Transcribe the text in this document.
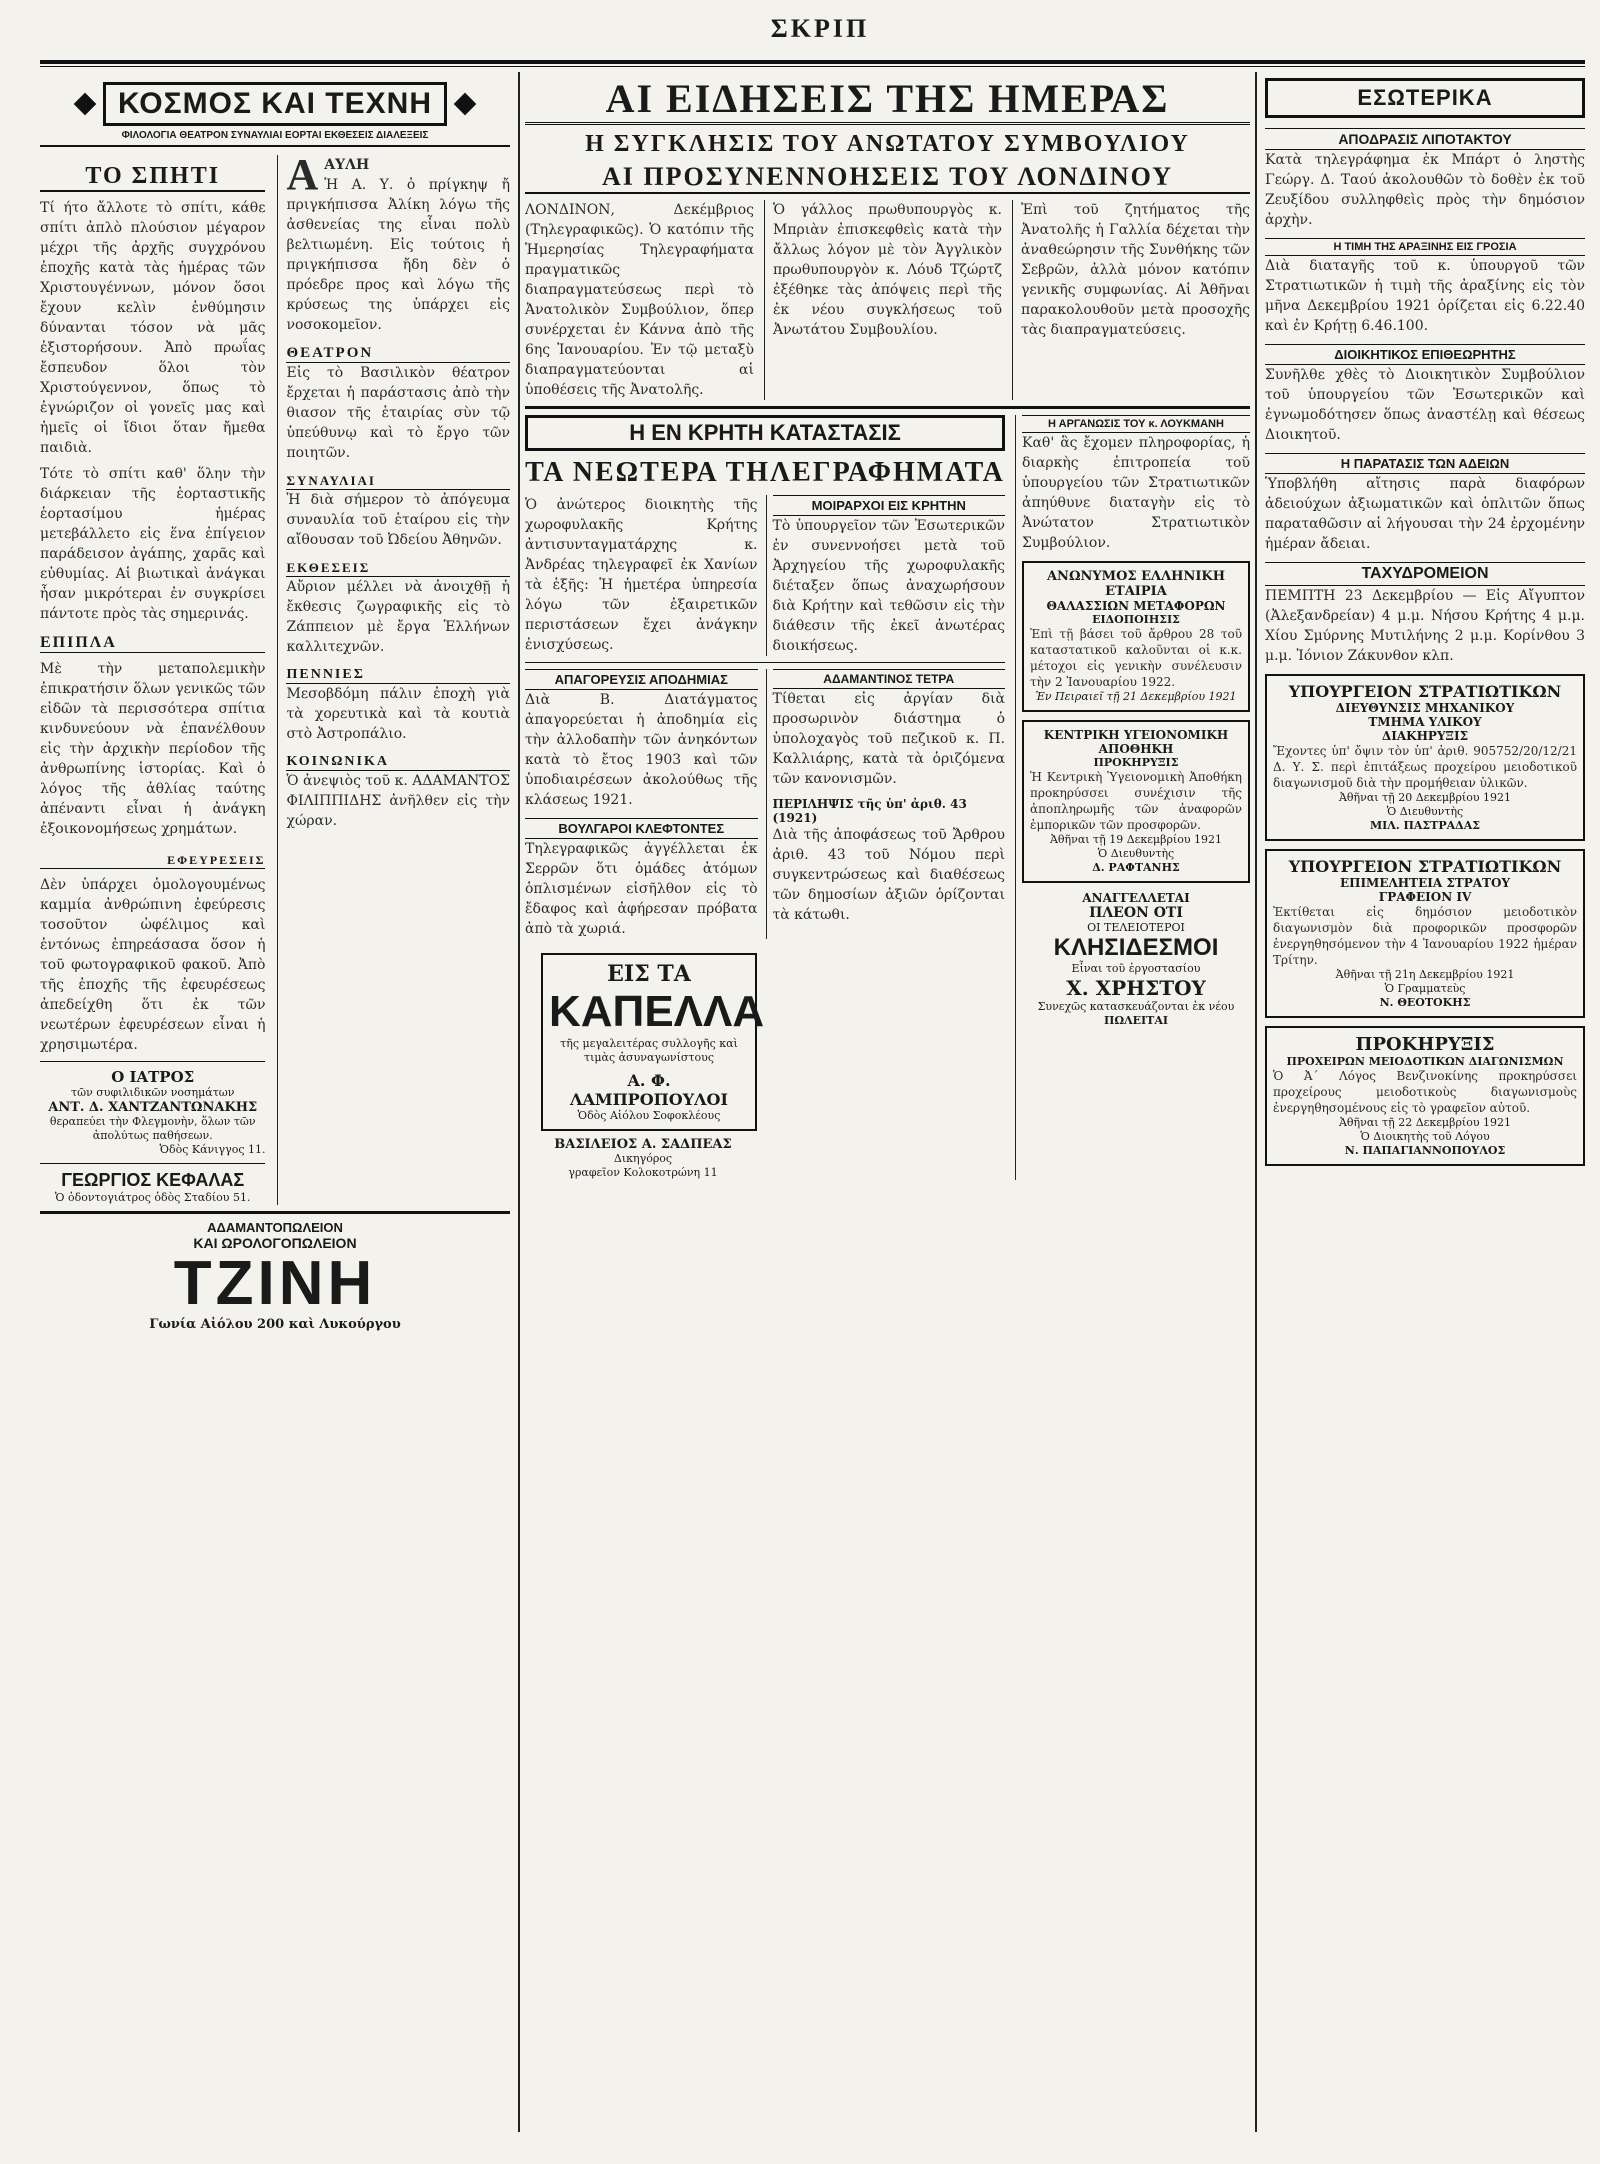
ΣΚΡΙΠ
ΚΟΣΜΟΣ ΚΑΙ ΤΕΧΝΗ
ΦΙΛΟΛΟΓΙΑ ΘΕΑΤΡΟΝ ΣΥΝΑΥΛΙΑΙ ΕΟΡΤΑΙ ΕΚΘΕΣΕΙΣ ΔΙΑΛΕΞΕΙΣ
ΤΟ ΣΠΗΤΙ
Τί ήτο ἄλλοτε τὸ σπίτι, κάθε σπίτι ἀπλὸ πλούσιον μέγαρον μέχρι τῆς ἀρχῆς συγχρόνου ἐποχῆς κατὰ τὰς ἡμέρας τῶν Χριστουγέννων, μόνον ὅσοι ἔχουν κελὶν ἐνθύμησιν δύνανται τόσον νὰ μᾶς ἐξιστορήσουν. Ἀπὸ πρωΐας ἔσπευδον ὅλοι τὸν Χριστούγεννον, ὅπως τὸ ἐγνώριζον οἱ γονεῖς μας καὶ ἡμεῖς οἱ ἴδιοι ὅταν ἤμεθα παιδιὰ.
Τότε τὸ σπίτι καθ' ὅλην τὴν διάρκειαν τῆς ἑορταστικῆς ἑορτασίμου ἡμέρας μετεβάλλετο εἰς ἕνα ἐπίγειον παράδεισον ἀγάπης, χαρᾶς καὶ εὐθυμίας. Αἱ βιωτικαὶ ἀνάγκαι ἦσαν μικρότεραι ἐν συγκρίσει πάντοτε πρὸς τὰς σημερινάς.
ΕΠΙΠΛΑ
Μὲ τὴν μεταπολεμικὴν ἐπικρατήσιν ὅλων γενικῶς τῶν εἰδῶν τὰ περισσότερα σπίτια κινδυνεύουν νὰ ἐπανέλθουν εἰς τὴν ἀρχικὴν περίοδον τῆς ἀνθρωπίνης ἱστορίας. Καὶ ὁ λόγος τῆς ἀθλίας ταύτης ἀπέναντι εἶναι ἡ ἀνάγκη ἐξοικονομήσεως χρημάτων.
ΕΦΕΥΡΕΣΕΙΣ
Δὲν ὑπάρχει ὁμολογουμένως καμμία ἀνθρώπινη ἐφεύρεσις τοσοῦτον ὠφέλιμος καὶ ἐντόνως ἐπηρεάσασα ὅσον ἡ τοῦ φωτογραφικοῦ φακοῦ. Ἀπὸ τῆς ἐποχῆς τῆς ἐφευρέσεως ἀπεδείχθη ὅτι ἐκ τῶν νεωτέρων ἐφευρέσεων εἶναι ἡ χρησιμωτέρα.
Ο ΙΑΤΡΟΣ
τῶν συφιλιδικῶν νοσημάτων
ΑΝΤ. Δ. ΧΑΝΤΖΑΝΤΩΝΑΚΗΣ
θεραπεύει τὴν Φλεγμονὴν, ὅλων τῶν ἀπολύτως παθήσεων.
Ὁδὸς Κάνιγγος 11.
ΓΕΩΡΓΙΟΣ ΚΕΦΑΛΑΣ
Ὁ ὀδοντογιάτρος ὁδὸς Σταδίου 51.
Α ΑΥΛΗ
Ἡ Α. Υ. ὁ πρίγκηψ ἤ πριγκήπισσα Ἀλίκη λόγω τῆς ἀσθενείας της εἶναι πολὺ βελτιωμένη. Εἰς τούτοις ἡ πριγκήπισσα ἤδη δὲν ὁ πρόεδρε προς καὶ λόγω τῆς κρύσεως της ὑπάρχει εἰς νοσοκομεῖον.
ΘΕΑΤΡΟΝ
Εἰς τὸ Βασιλικὸν θέατρον ἔρχεται ἡ παράστασις ἀπὸ τὴν θιασον τῆς ἑταιρίας σὺν τῷ ὑπεύθυνῳ καὶ τὸ ἔργο τῶν ποιητῶν.
ΣΥΝΑΥΛΙΑΙ
Ἡ διὰ σήμερον τὸ ἀπόγευμα συναυλία τοῦ ἑταίρου εἰς τὴν αἴθουσαν τοῦ Ὠδείου Ἀθηνῶν.
ΕΚΘΕΣΕΙΣ
Αὔριον μέλλει νὰ ἀνοιχθῇ ἡ ἔκθεσις ζωγραφικῆς εἰς τὸ Ζάππειον μὲ ἔργα Ἑλλήνων καλλιτεχνῶν.
ΠΕΝΝΙΕΣ
Μεσοβδόμη πάλιν ἐποχὴ γιὰ τὰ χορευτικὰ καὶ τὰ κουτιὰ στὸ Ἀστροπάλιο.
ΚΟΙΝΩΝΙΚΑ
Ὁ ἀνεψιὸς τοῦ κ. ΑΔΑΜΑΝΤΟΣ ΦΙΛΙΠΠΙΔΗΣ ἀνῆλθεν εἰς τὴν χώραν.
ΑΔΑΜΑΝΤΟΠΩΛΕΙΟΝ
ΚΑΙ ΩΡΟΛΟΓΟΠΩΛΕΙΟΝ
ΤΖΙΝΗ
Γωνία Αἰόλου 200 καὶ Λυκούργου
ΑΙ ΕΙΔΗΣΕΙΣ ΤΗΣ ΗΜΕΡΑΣ
Η ΣΥΓΚΛΗΣΙΣ ΤΟΥ ΑΝΩΤΑΤΟΥ ΣΥΜΒΟΥΛΙΟΥ
ΑΙ ΠΡΟΣΥΝΕΝΝΟΗΣΕΙΣ ΤΟΥ ΛΟΝΔΙΝΟΥ
ΛΟΝΔΙΝΟΝ, Δεκέμβριος (Τηλεγραφικῶς). Ὁ κατόπιν τῆς Ἡμερησίας Τηλεγραφήματα πραγματικῶς διαπραγματεύσεως περὶ τὸ Ἀνατολικὸν Συμβούλιον, ὅπερ συνέρχεται ἐν Κάννα ἀπὸ τῆς 6ης Ἰανουαρίου. Ἐν τῷ μεταξὺ διαπραγματεύονται αἱ ὑποθέσεις τῆς Ἀνατολῆς.
Ὁ γάλλος πρωθυπουργὸς κ. Μπριὰν ἐπισκεφθεὶς κατὰ τὴν ἄλλως λόγον μὲ τὸν Ἀγγλικὸν πρωθυπουργὸν κ. Λόυδ Τζώρτζ ἐξέθηκε τὰς ἀπόψεις περὶ τῆς ἐκ νέου συγκλήσεως τοῦ Ἀνωτάτου Συμβουλίου.
Ἐπὶ τοῦ ζητήματος τῆς Ἀνατολῆς ἡ Γαλλία δέχεται τὴν ἀναθεώρησιν τῆς Συνθήκης τῶν Σεβρῶν, ἀλλὰ μόνον κατόπιν γενικῆς συμφωνίας. Αἱ Ἀθῆναι παρακολουθοῦν μετὰ προσοχῆς τὰς διαπραγματεύσεις.
Η ΕΝ ΚΡΗΤΗ ΚΑΤΑΣΤΑΣΙΣ
ΤΑ ΝΕΩΤΕΡΑ ΤΗΛΕΓΡΑΦΗΜΑΤΑ
Ὁ ἀνώτερος διοικητὴς τῆς χωροφυλακῆς Κρήτης ἀντισυνταγματάρχης κ. Ἀνδρέας τηλεγραφεῖ ἐκ Χανίων τὰ ἑξῆς: Ἡ ἡμετέρα ὑπηρεσία λόγω τῶν ἐξαιρετικῶν περιστάσεων ἔχει ἀνάγκην ἐνισχύσεως.
ΜΟΙΡΑΡΧΟΙ ΕΙΣ ΚΡΗΤΗΝ
Τὸ ὑπουργεῖον τῶν Ἐσωτερικῶν ἐν συνεννοήσει μετὰ τοῦ Ἀρχηγείου τῆς χωροφυλακῆς διέταξεν ὅπως ἀναχωρήσουν διὰ Κρήτην καὶ τεθῶσιν εἰς τὴν διάθεσιν τῆς ἐκεῖ ἀνωτέρας διοικήσεως.
ΑΠΑΓΟΡΕΥΣΙΣ ΑΠΟΔΗΜΙΑΣ
Διὰ Β. Διατάγματος ἀπαγορεύεται ἡ ἀποδημία εἰς τὴν ἀλλοδαπὴν τῶν ἀνηκόντων κατὰ τὸ ἔτος 1903 καὶ τῶν ὑποδιαιρέσεων ἀκολούθως τῆς κλάσεως 1921.
ΒΟΥΛΓΑΡΟΙ ΚΛΕΦΤΟΝΤΕΣ
Τηλεγραφικῶς ἀγγέλλεται ἐκ Σερρῶν ὅτι ὁμάδες ἀτόμων ὁπλισμένων εἰσῆλθον εἰς τὸ ἔδαφος καὶ ἀφήρεσαν πρόβατα ἀπὸ τὰ χωριά.
ΑΔΑΜΑΝΤΙΝΟΣ ΤΕΤΡΑ
Τίθεται εἰς ἀργίαν διὰ προσωρινὸν διάστημα ὁ ὑπολοχαγὸς τοῦ πεζικοῦ κ. Π. Καλλιάρης, κατὰ τὰ ὁριζόμενα τῶν κανονισμῶν.
ΠΕΡΙΛΗΨΙΣ τῆς ὑπ' ἀριθ. 43 (1921)
Διὰ τῆς ἀποφάσεως τοῦ Ἄρθρου ἀριθ. 43 τοῦ Νόμου περὶ συγκεντρώσεως καὶ διαθέσεως τῶν δημοσίων ἀξιῶν ὁρίζονται τὰ κάτωθι.
ΕΙΣ ΤΑ
ΚΑΠΕΛΛΑ
τῆς μεγαλειτέρας συλλογῆς καὶ τιμὰς ἀσυναγωνίστους
Α. Φ. ΛΑΜΠΡΟΠΟΥΛΟΙ
Ὁδὸς Αἰόλου Σοφοκλέους
ΒΑΣΙΛΕΙΟΣ Α. ΣΑΔΠΕΑΣ
Δικηγόρος
γραφεῖον Κολοκοτρώνη 11
Η ΑΡΓΑΝΩΣΙΣ ΤΟΥ κ. ΛΟΥΚΜΑΝΗ
Καθ' ἃς ἔχομεν πληροφορίας, ἡ διαρκὴς ἐπιτροπεία τοῦ ὑπουργείου τῶν Στρατιωτικῶν ἀπηύθυνε διαταγὴν εἰς τὸ Ἀνώτατον Στρατιωτικὸν Συμβούλιον.
ΑΝΩΝΥΜΟΣ ΕΛΛΗΝΙΚΗ ΕΤΑΙΡΙΑ
ΘΑΛΑΣΣΙΩΝ ΜΕΤΑΦΟΡΩΝ
ΕΙΔΟΠΟΙΗΣΙΣ
Ἐπὶ τῇ βάσει τοῦ ἄρθρου 28 τοῦ καταστατικοῦ καλοῦνται οἱ κ.κ. μέτοχοι εἰς γενικὴν συνέλευσιν τὴν 2 Ἰανουαρίου 1922.
Ἐν Πειραιεῖ τῇ 21 Δεκεμβρίου 1921
ΚΕΝΤΡΙΚΗ ΥΓΕΙΟΝΟΜΙΚΗ ΑΠΟΘΗΚΗ
ΠΡΟΚΗΡΥΞΙΣ
Ἡ Κεντρικὴ Ὑγειονομικὴ Ἀποθήκη προκηρύσσει συνέχισιν τῆς ἀποπληρωμῆς τῶν ἀναφορῶν ἐμπορικῶν τῶν προσφορῶν.
Ἀθῆναι τῇ 19 Δεκεμβρίου 1921
Ὁ Διευθυντὴς
Δ. ΡΑΦΤΑΝΗΣ
ΑΝΑΓΓΕΛΛΕΤΑΙ
ΠΛΕΟΝ ΟΤΙ
ΟΙ ΤΕΛΕΙΟΤΕΡΟΙ
ΚΛΗΣΙΔΕΣΜΟΙ
Εἶναι τοῦ ἐργοστασίου
Χ. ΧΡΗΣΤΟΥ
Συνεχῶς κατασκευάζονται ἐκ νέου
ΠΩΛΕΙΤΑΙ
ΕΣΩΤΕΡΙΚΑ
ΑΠΟΔΡΑΣΙΣ ΛΙΠΟΤΑΚΤΟΥ
Κατὰ τηλεγράφημα ἐκ Μπάρτ ὁ ληστὴς Γεώργ. Δ. Ταού ἀκολουθῶν τὸ δοθὲν ἐκ τοῦ Ζευξίδου συλληφθεὶς πρὸς τὴν δημόσιον ἀρχὴν.
Η ΤΙΜΗ ΤΗΣ ΑΡΑΞΙΝΗΣ ΕΙΣ ΓΡΟΣΙΑ
Διὰ διαταγῆς τοῦ κ. ὑπουργοῦ τῶν Στρατιωτικῶν ἡ τιμὴ τῆς ἀραξίνης εἰς τὸν μῆνα Δεκεμβρίου 1921 ὁρίζεται εἰς 6.22.40 καὶ ἐν Κρήτῃ 6.46.100.
ΔΙΟΙΚΗΤΙΚΟΣ ΕΠΙΘΕΩΡΗΤΗΣ
Συνῆλθε χθὲς τὸ Διοικητικὸν Συμβούλιον τοῦ ὑπουργείου τῶν Ἐσωτερικῶν καὶ ἐγνωμοδότησεν ὅπως ἀναστέλῃ καὶ θέσεως Διοικητοῦ.
Η ΠΑΡΑΤΑΣΙΣ ΤΩΝ ΑΔΕΙΩΝ
Ὑποβλήθη αἴτησις παρὰ διαφόρων ἀδειούχων ἀξιωματικῶν καὶ ὁπλιτῶν ὅπως παραταθῶσιν αἱ λήγουσαι τὴν 24 ἐρχομένην ἡμέραν ἄδειαι.
ΤΑΧΥΔΡΟΜΕΙΟΝ
ΠΕΜΠΤΗ 23 Δεκεμβρίου — Εἰς Αἴγυπτον (Ἀλεξανδρείαν) 4 μ.μ. Νήσου Κρήτης 4 μ.μ. Χίου Σμύρνης Μυτιλήνης 2 μ.μ. Κορίνθου 3 μ.μ. Ἰόνιον Ζάκυνθον κλπ.
ΥΠΟΥΡΓΕΙΟΝ ΣΤΡΑΤΙΩΤΙΚΩΝ
ΔΙΕΥΘΥΝΣΙΣ ΜΗΧΑΝΙΚΟΥ
ΤΜΗΜΑ ΥΛΙΚΟΥ
ΔΙΑΚΗΡΥΞΙΣ
Ἔχοντες ὑπ' ὄψιν τὸν ὑπ' ἀριθ. 905752/20/12/21 Δ. Υ. Σ. περὶ ἐπιτάξεως προχείρου μειοδοτικοῦ διαγωνισμοῦ διὰ τὴν προμήθειαν ὑλικῶν.
Ἀθῆναι τῇ 20 Δεκεμβρίου 1921
Ὁ Διευθυντὴς
ΜΙΛ. ΠΑΣΤΡΑΔΑΣ
ΥΠΟΥΡΓΕΙΟΝ ΣΤΡΑΤΙΩΤΙΚΩΝ
ΕΠΙΜΕΛΗΤΕΙΑ ΣΤΡΑΤΟΥ
ΓΡΑΦΕΙΟΝ IV
Ἐκτίθεται εἰς δημόσιον μειοδοτικὸν διαγωνισμὸν διὰ προφορικῶν προσφορῶν ἐνεργηθησόμενον τὴν 4 Ἰανουαρίου 1922 ἡμέραν Τρίτην.
Ἀθῆναι τῇ 21η Δεκεμβρίου 1921
Ὁ Γραμματεὺς
Ν. ΘΕΟΤΟΚΗΣ
ΠΡΟΚΗΡΥΞΙΣ
ΠΡΟΧΕΙΡΩΝ ΜΕΙΟΔΟΤΙΚΩΝ ΔΙΑΓΩΝΙΣΜΩΝ
Ὁ Ἀ΄ Λόγος Βενζινοκίνης προκηρύσσει προχείρους μειοδοτικοὺς διαγωνισμοὺς ἐνεργηθησομένους εἰς τὸ γραφεῖον αὐτοῦ.
Ἀθῆναι τῇ 22 Δεκεμβρίου 1921
Ὁ Διοικητὴς τοῦ Λόγου
Ν. ΠΑΠΑΓΙΑΝΝΟΠΟΥΛΟΣ
